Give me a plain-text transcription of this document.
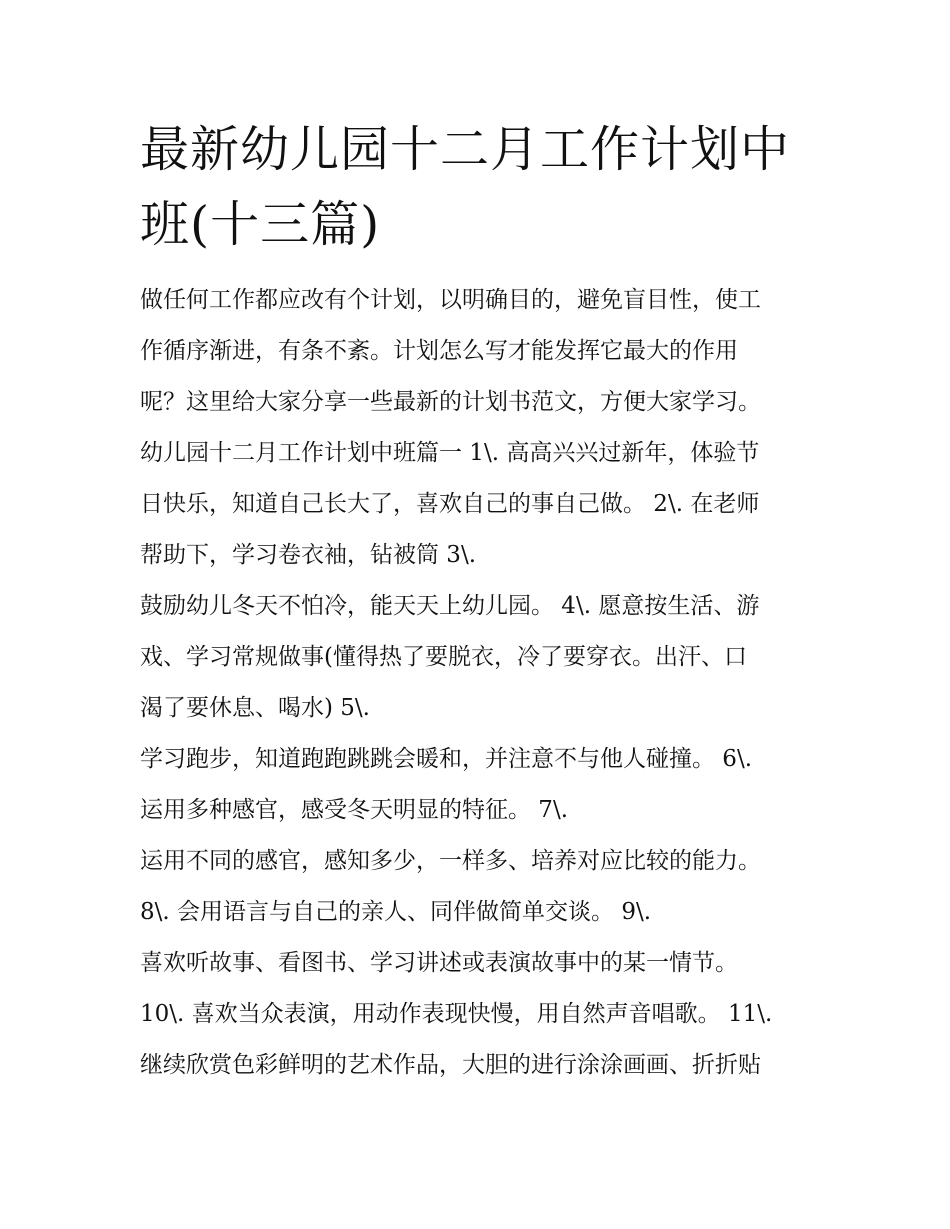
最新幼儿园十二月工作计划中班(十三篇)
做任何工作都应改有个计划，以明确目的，避免盲目性，使工
作循序渐进，有条不紊。计划怎么写才能发挥它最大的作用
呢？这里给大家分享一些最新的计划书范文，方便大家学习。
幼儿园十二月工作计划中班篇一 1\. 高高兴兴过新年，体验节
日快乐，知道自己长大了，喜欢自己的事自己做。 2\. 在老师
帮助下，学习卷衣袖，钻被筒 3\.
鼓励幼儿冬天不怕冷，能天天上幼儿园。 4\. 愿意按生活、游
戏、学习常规做事(懂得热了要脱衣，冷了要穿衣。出汗、口
渴了要休息、喝水) 5\.
学习跑步，知道跑跑跳跳会暖和，并注意不与他人碰撞。 6\.
运用多种感官，感受冬天明显的特征。 7\.
运用不同的感官，感知多少，一样多、培养对应比较的能力。
8\. 会用语言与自己的亲人、同伴做简单交谈。 9\.
喜欢听故事、看图书、学习讲述或表演故事中的某一情节。
10\. 喜欢当众表演，用动作表现快慢，用自然声音唱歌。 11\.
继续欣赏色彩鲜明的艺术作品，大胆的进行涂涂画画、折折贴
